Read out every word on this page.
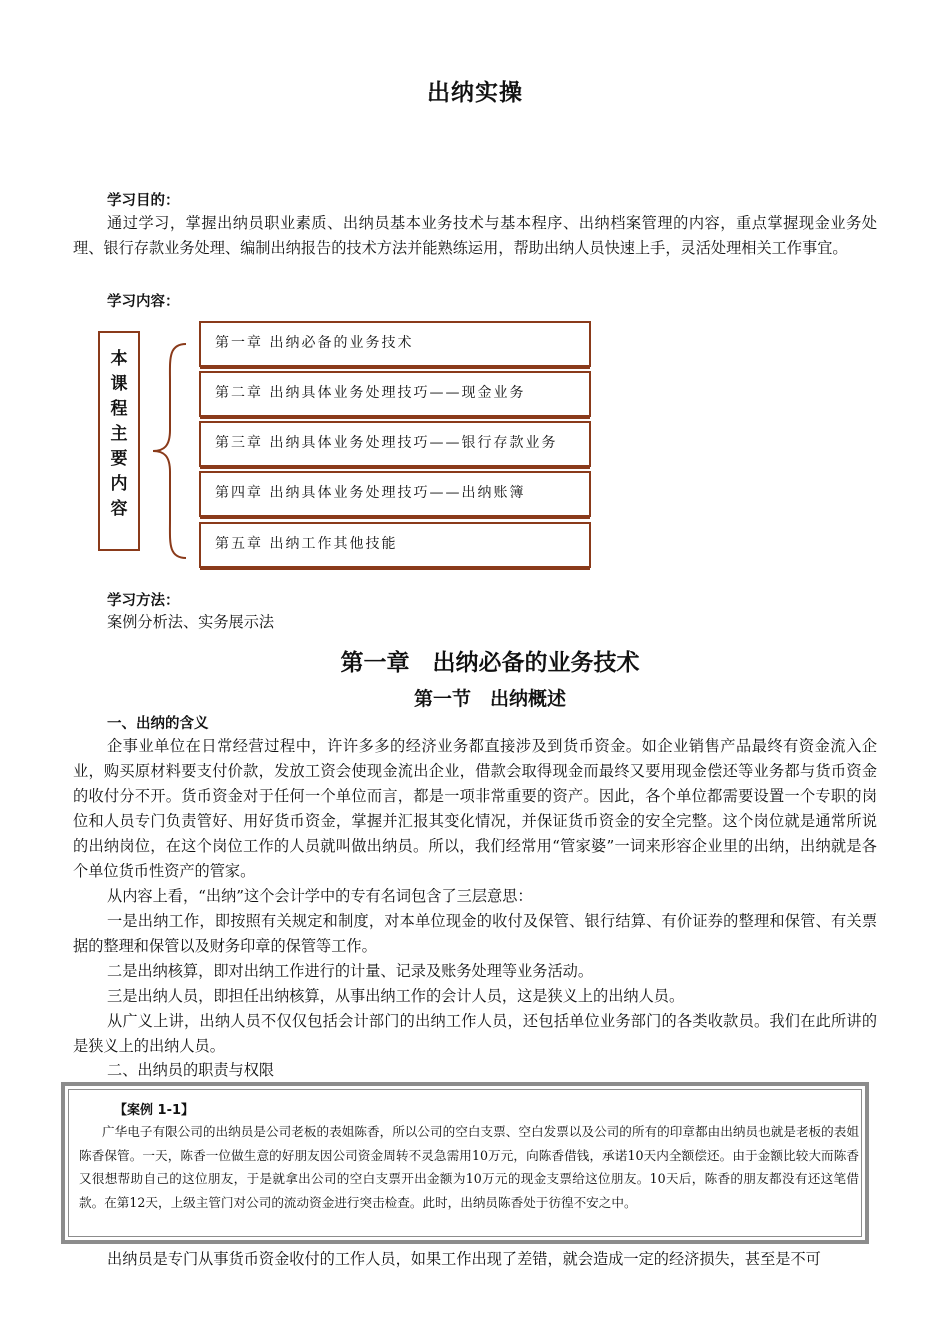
出纳实操
学习目的：

通过学习，掌握出纳员职业素质、出纳员基本业务技术与基本程序、出纳档案管理的内容，重点掌握现金业务处理、银行存款业务处理、编制出纳报告的技术方法并能熟练运用，帮助出纳人员快速上手，灵活处理相关工作事宜。

学习内容：
本
课
程
主
要
内
容
第一章 出纳必备的业务技术
第二章 出纳具体业务处理技巧——现金业务
第三章 出纳具体业务处理技巧——银行存款业务
第四章 出纳具体业务处理技巧——出纳账簿
第五章 出纳工作其他技能
学习方法：

案例分析法、实务展示法

第一章　出纳必备的业务技术
第一节　出纳概述
一、出纳的含义

企事业单位在日常经营过程中，许许多多的经济业务都直接涉及到货币资金。如企业销售产品最终有资金流入企业，购买原材料要支付价款，发放工资会使现金流出企业，借款会取得现金而最终又要用现金偿还等业务都与货币资金的收付分不开。货币资金对于任何一个单位而言，都是一项非常重要的资产。因此，各个单位都需要设置一个专职的岗位和人员专门负责管好、用好货币资金，掌握并汇报其变化情况，并保证货币资金的安全完整。这个岗位就是通常所说的出纳岗位，在这个岗位工作的人员就叫做出纳员。所以，我们经常用“管家婆”一词来形容企业里的出纳，出纳就是各个单位货币性资产的管家。

从内容上看，“出纳”这个会计学中的专有名词包含了三层意思：

一是出纳工作，即按照有关规定和制度，对本单位现金的收付及保管、银行结算、有价证券的整理和保管、有关票据的整理和保管以及财务印章的保管等工作。

二是出纳核算，即对出纳工作进行的计量、记录及账务处理等业务活动。

三是出纳人员，即担任出纳核算，从事出纳工作的会计人员，这是狭义上的出纳人员。

从广义上讲，出纳人员不仅仅包括会计部门的出纳工作人员，还包括单位业务部门的各类收款员。我们在此所讲的是狭义上的出纳人员。

二、出纳员的职责与权限

【案例 1-1】

广华电子有限公司的出纳员是公司老板的表姐陈香，所以公司的空白支票、空白发票以及公司的所有的印章都由出纳员也就是老板的表姐陈香保管。一天，陈香一位做生意的好朋友因公司资金周转不灵急需用10万元，向陈香借钱，承诺10天内全额偿还。由于金额比较大而陈香又很想帮助自己的这位朋友，于是就拿出公司的空白支票开出金额为10万元的现金支票给这位朋友。10天后，陈香的朋友都没有还这笔借款。在第12天，上级主管门对公司的流动资金进行突击检查。此时，出纳员陈香处于彷徨不安之中。

出纳员是专门从事货币资金收付的工作人员，如果工作出现了差错，就会造成一定的经济损失，甚至是不可
